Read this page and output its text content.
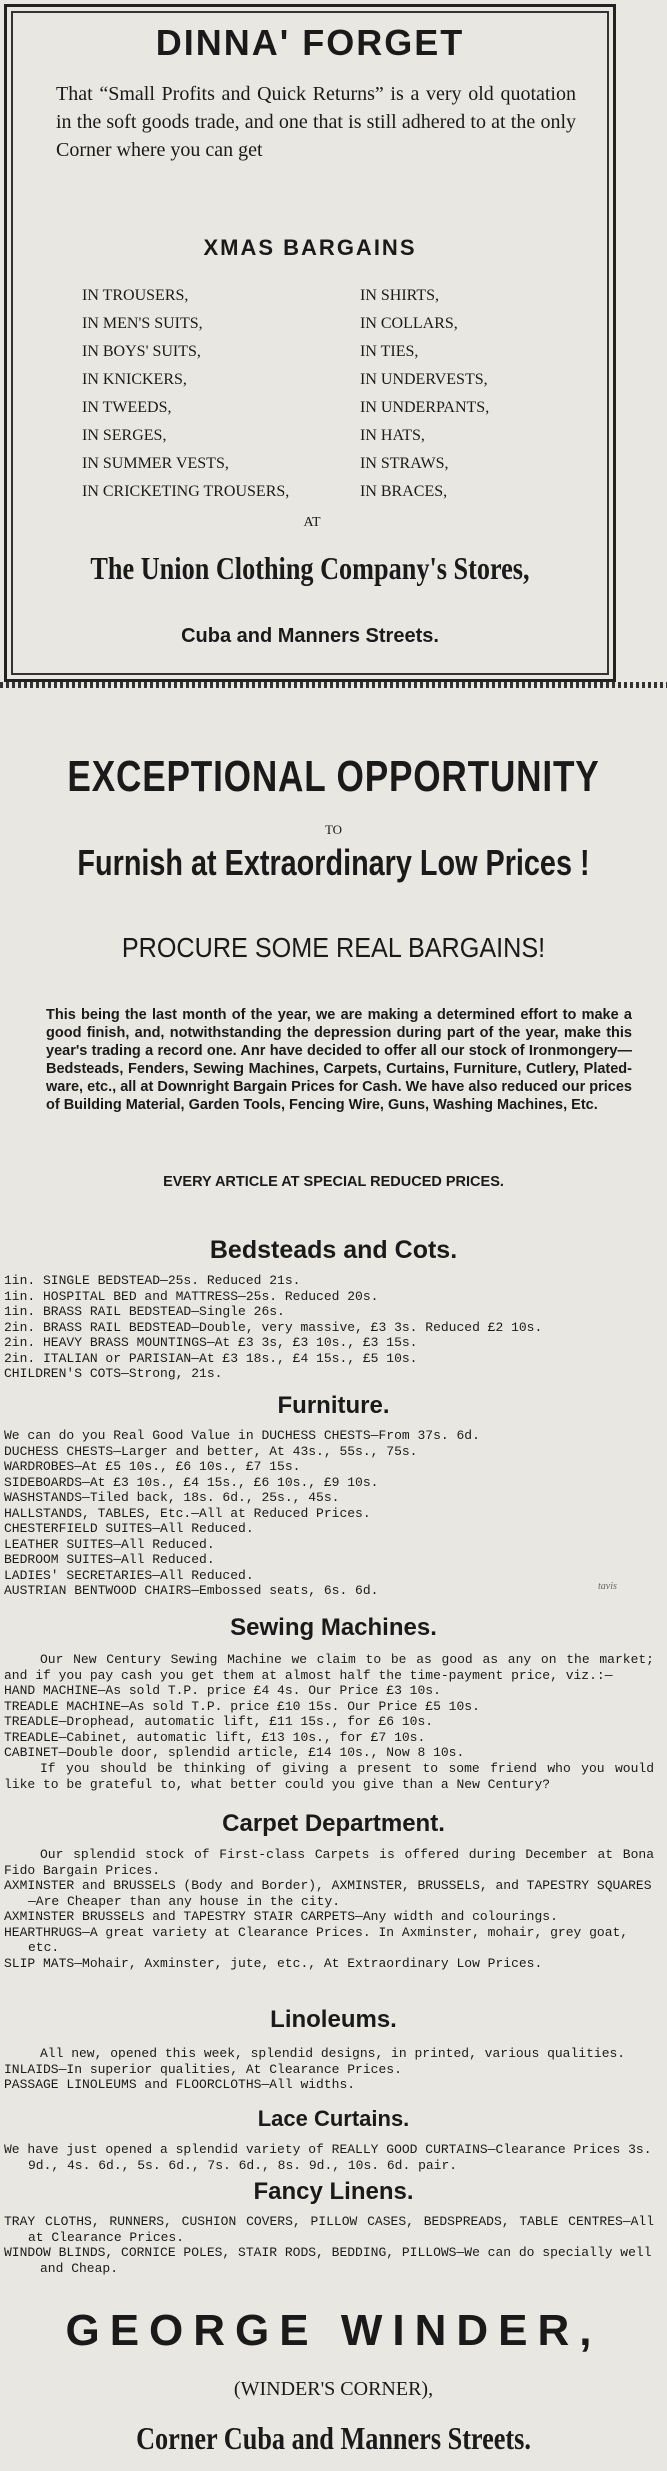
DINNA' FORGET
That “Small Profits and Quick Returns” is a very old quotation in the soft goods trade, and one that is still adhered to at the only Corner where you can get
XMAS BARGAINS
IN TROUSERS,
IN MEN'S SUITS,
IN BOYS' SUITS,
IN KNICKERS,
IN TWEEDS,
IN SERGES,
IN SUMMER VESTS,
IN CRICKETING TROUSERS,
IN SHIRTS,
IN COLLARS,
IN TIES,
IN UNDERVESTS,
IN UNDERPANTS,
IN HATS,
IN STRAWS,
IN BRACES,
AT
The Union Clothing Company's Stores,
Cuba and Manners Streets.
EXCEPTIONAL OPPORTUNITY
TO
Furnish at Extraordinary Low Prices !
PROCURE SOME REAL BARGAINS!
This being the last month of the year, we are making a determined effort to make a good finish, and, notwithstanding the depression during part of the year, make this year's trading a record one. Anr have decided to offer all our stock of Ironmongery—Bedsteads, Fenders, Sewing Machines, Carpets, Curtains, Furniture, Cutlery, Plated-ware, etc., all at Downright Bargain Prices for Cash. We have also reduced our prices of Building Material, Garden Tools, Fencing Wire, Guns, Washing Machines, Etc.
EVERY ARTICLE AT SPECIAL REDUCED PRICES.
Bedsteads and Cots.
1in. SINGLE BEDSTEAD—25s. Reduced 21s.
1in. HOSPITAL BED and MATTRESS—25s. Reduced 20s.
1in. BRASS RAIL BEDSTEAD—Single 26s.
2in. BRASS RAIL BEDSTEAD—Double, very massive, £3 3s. Reduced £2 10s.
2in. HEAVY BRASS MOUNTINGS—At £3 3s, £3 10s., £3 15s.
2in. ITALIAN or PARISIAN—At £3 18s., £4 15s., £5 10s.
CHILDREN'S COTS—Strong, 21s.
Furniture.
We can do you Real Good Value in DUCHESS CHESTS—From 37s. 6d.
DUCHESS CHESTS—Larger and better, At 43s., 55s., 75s.
WARDROBES—At £5 10s., £6 10s., £7 15s.
SIDEBOARDS—At £3 10s., £4 15s., £6 10s., £9 10s.
WASHSTANDS—Tiled back, 18s. 6d., 25s., 45s.
HALLSTANDS, TABLES, Etc.—All at Reduced Prices.
CHESTERFIELD SUITES—All Reduced.
LEATHER SUITES—All Reduced.
BEDROOM SUITES—All Reduced.
LADIES' SECRETARIES—All Reduced.
AUSTRIAN BENTWOOD CHAIRS—Embossed seats, 6s. 6d.	tavis
Sewing Machines.
Our New Century Sewing Machine we claim to be as good as any on the market; and if you pay cash you get them at almost half the time-payment price, viz.:—
HAND MACHINE—As sold T.P. price £4 4s. Our Price £3 10s.
TREADLE MACHINE—As sold T.P. price £10 15s. Our Price £5 10s.
TREADLE—Drophead, automatic lift, £11 15s., for £6 10s.
TREADLE—Cabinet, automatic lift, £13 10s., for £7 10s.
CABINET—Double door, splendid article, £14 10s., Now 8 10s.
If you should be thinking of giving a present to some friend who you would like to be grateful to, what better could you give than a New Century?
Carpet Department.
Our splendid stock of First-class Carpets is offered during December at Bona Fido Bargain Prices.
AXMINSTER and BRUSSELS (Body and Border), AXMINSTER, BRUSSELS, and TAPESTRY SQUARES—Are Cheaper than any house in the city.
AXMINSTER BRUSSELS and TAPESTRY STAIR CARPETS—Any width and colourings.
HEARTHRUGS—A great variety at Clearance Prices. In Axminster, mohair, grey goat, etc.
SLIP MATS—Mohair, Axminster, jute, etc., At Extraordinary Low Prices.
Linoleums.
All new, opened this week, splendid designs, in printed, various qualities.
INLAIDS—In superior qualities, At Clearance Prices.
PASSAGE LINOLEUMS and FLOORCLOTHS—All widths.
Lace Curtains.
We have just opened a splendid variety of REALLY GOOD CURTAINS—Clearance Prices 3s. 9d., 4s. 6d., 5s. 6d., 7s. 6d., 8s. 9d., 10s. 6d. pair.
Fancy Linens.
TRAY CLOTHS, RUNNERS, CUSHION COVERS, PILLOW CASES, BEDSPREADS, TABLE CENTRES—All at Clearance Prices.
WINDOW BLINDS, CORNICE POLES, STAIR RODS, BEDDING, PILLOWS—We can do specially well and Cheap.
GEORGE WINDER,
(WINDER'S CORNER),
Corner Cuba and Manners Streets.
